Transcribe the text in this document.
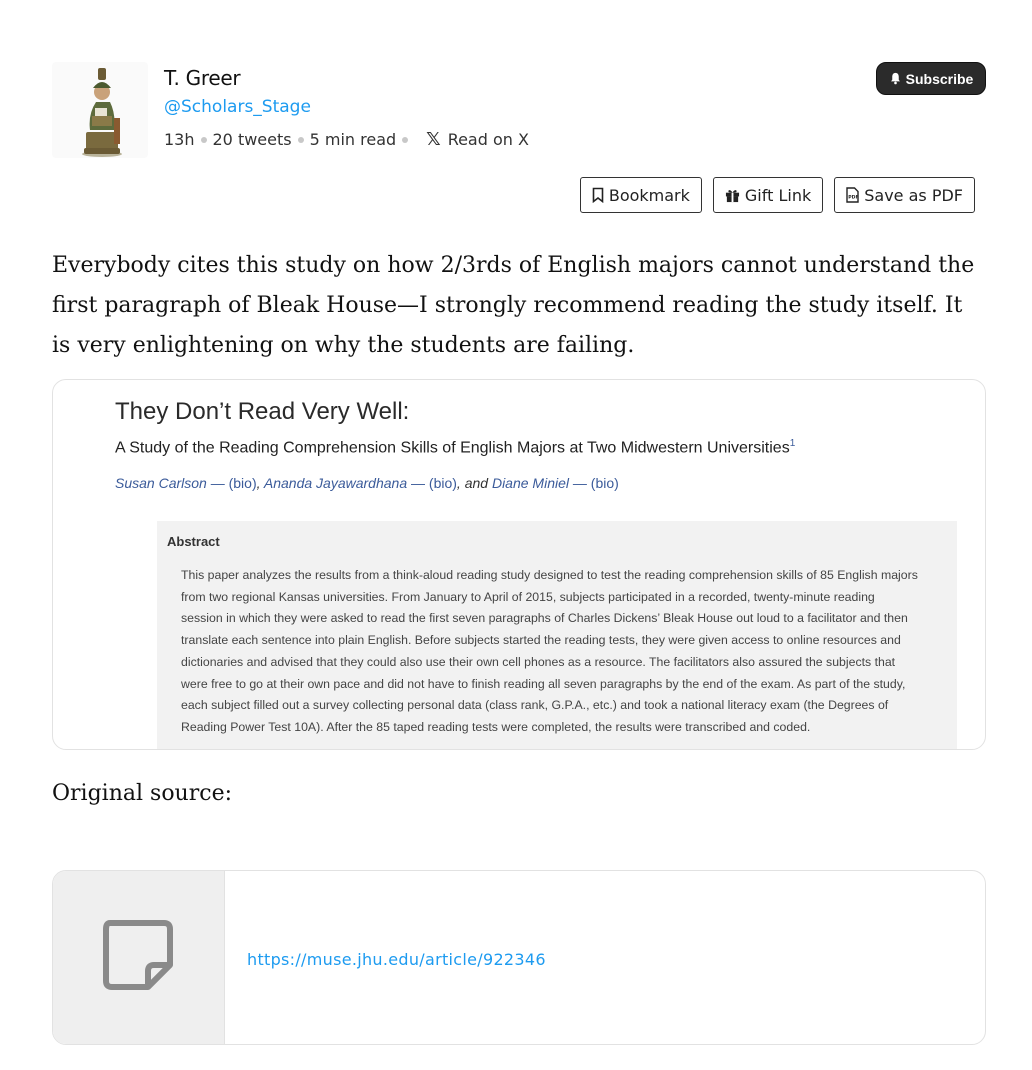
T. Greer
@Scholars_Stage
13h 20 tweets 5 min read 𝕏 Read on X
Subscribe
Bookmark	Gift Link	PDF Save as PDF
Everybody cites this study on how 2/3rds of English majors cannot understand the first paragraph of Bleak House—I strongly recommend reading the study itself. It is very enlightening on why the students are failing.
They Don’t Read Very Well:
A Study of the Reading Comprehension Skills of English Majors at Two Midwestern Universities$^1$
Susan Carlson — (bio), Ananda Jayawardhana — (bio), and Diane Miniel — (bio)
Abstract
This paper analyzes the results from a think-aloud reading study designed to test the reading comprehension skills of 85 English majors
from two regional Kansas universities. From January to April of 2015, subjects participated in a recorded, twenty-minute reading
session in which they were asked to read the first seven paragraphs of Charles Dickens’ Bleak House out loud to a facilitator and then
translate each sentence into plain English. Before subjects started the reading tests, they were given access to online resources and
dictionaries and advised that they could also use their own cell phones as a resource. The facilitators also assured the subjects that
were free to go at their own pace and did not have to finish reading all seven paragraphs by the end of the exam. As part of the study,
each subject filled out a survey collecting personal data (class rank, G.P.A., etc.) and took a national literacy exam (the Degrees of
Reading Power Test 10A). After the 85 taped reading tests were completed, the results were transcribed and coded.
Original source:
https://muse.jhu.edu/article/922346
